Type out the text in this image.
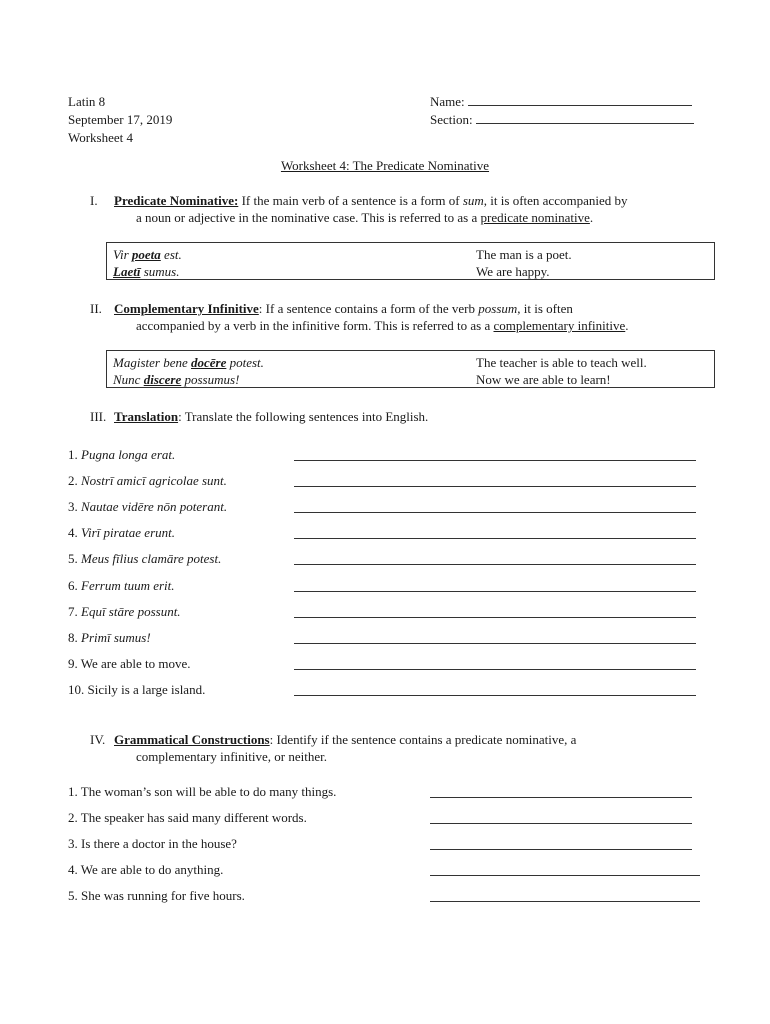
Latin 8
September 17, 2019
Worksheet 4
Name:
Section:
Worksheet 4: The Predicate Nominative
I. Predicate Nominative: If the main verb of a sentence is a form of sum, it is often accompanied by
a noun or adjective in the nominative case. This is referred to as a predicate nominative.
Vir poeta est.	The man is a poet.
Laetī sumus.	We are happy.
II. Complementary Infinitive: If a sentence contains a form of the verb possum, it is often
accompanied by a verb in the infinitive form. This is referred to as a complementary infinitive.
Magister bene docēre potest.	The teacher is able to teach well.
Nunc discere possumus!	Now we are able to learn!
III. Translation: Translate the following sentences into English.
1. Pugna longa erat.
2. Nostrī amicī agricolae sunt.
3. Nautae vidēre nōn poterant.
4. Virī piratae erunt.
5. Meus fīlius clamāre potest.
6. Ferrum tuum erit.
7. Equī stāre possunt.
8. Primī sumus!
9. We are able to move.
10. Sicily is a large island.
IV. Grammatical Constructions: Identify if the sentence contains a predicate nominative, a
complementary infinitive, or neither.
1. The woman’s son will be able to do many things.
2. The speaker has said many different words.
3. Is there a doctor in the house?
4. We are able to do anything.
5. She was running for five hours.
